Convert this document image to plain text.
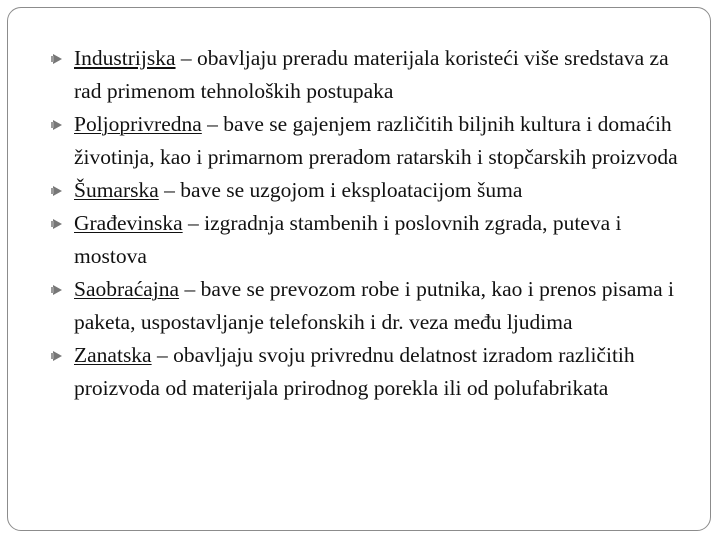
Industrijska – obavljaju preradu materijala koristeći više sredstava za rad primenom tehnoloških postupaka

Poljoprivredna – bave se gajenjem različitih biljnih kultura i domaćih životinja, kao i primarnom preradom ratarskih i stopčarskih proizvoda

Šumarska – bave se uzgojom i eksploatacijom šuma

Građevinska – izgradnja stambenih i poslovnih zgrada, puteva i mostova

Saobraćajna – bave se prevozom robe i putnika, kao i prenos pisama i paketa, uspostavljanje telefonskih i dr. veza među ljudima

Zanatska – obavljaju svoju privrednu delatnost izradom različitih proizvoda od materijala prirodnog porekla ili od polufabrikata
